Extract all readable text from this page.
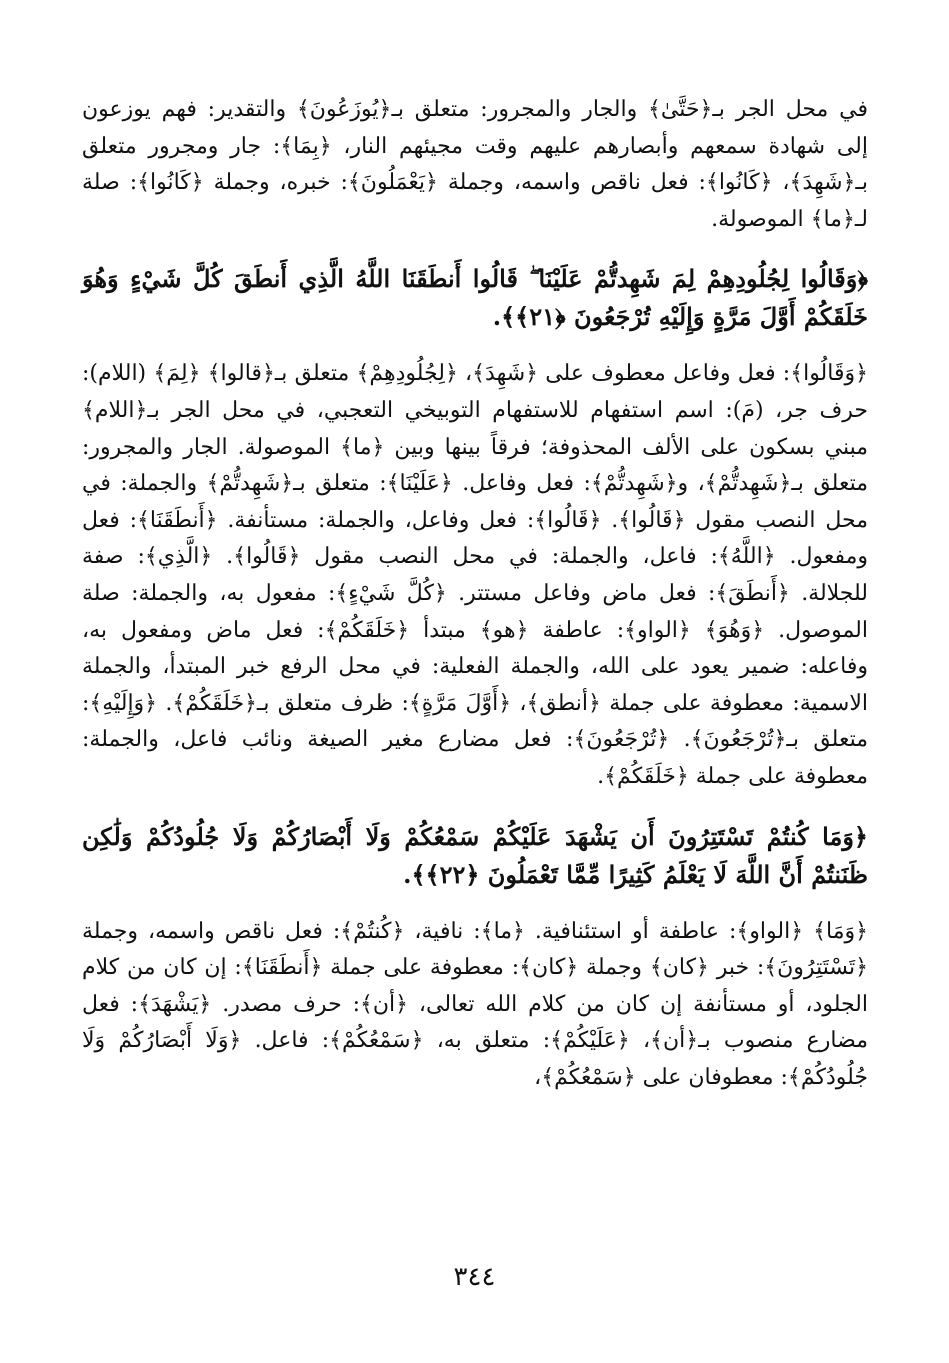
في محل الجر بـ﴿حَتَّىٰ﴾ والجار والمجرور: متعلق بـ﴿يُوزَعُونَ﴾ والتقدير: فهم يوزعون إلى شهادة سمعهم وأبصارهم عليهم وقت مجيئهم النار، ﴿بِمَا﴾: جار ومجرور متعلق بـ﴿شَهِدَ﴾، ﴿كَانُوا﴾: فعل ناقص واسمه، وجملة ﴿يَعْمَلُونَ﴾: خبره، وجملة ﴿كَانُوا﴾: صلة لـ﴿ما﴾ الموصولة.

﴿وَقَالُوا لِجُلُودِهِمْ لِمَ شَهِدتُّمْ عَلَيْنَا ۖ قَالُوا أَنطَقَنَا اللَّهُ الَّذِي أَنطَقَ كُلَّ شَيْءٍ وَهُوَ خَلَقَكُمْ أَوَّلَ مَرَّةٍ وَإِلَيْهِ تُرْجَعُونَ ﴿٢١﴾﴾.

﴿وَقَالُوا﴾: فعل وفاعل معطوف على ﴿شَهِدَ﴾، ﴿لِجُلُودِهِمْ﴾ متعلق بـ﴿قالوا﴾ ﴿لِمَ﴾ (اللام): حرف جر، (مَ): اسم استفهام للاستفهام التوبيخي التعجبي، في محل الجر بـ﴿اللام﴾ مبني بسكون على الألف المحذوفة؛ فرقاً بينها وبين ﴿ما﴾ الموصولة. الجار والمجرور: متعلق بـ﴿شَهِدتُّمْ﴾، و﴿شَهِدتُّمْ﴾: فعل وفاعل. ﴿عَلَيْنَا﴾: متعلق بـ﴿شَهِدتُّمْ﴾ والجملة: في محل النصب مقول ﴿قَالُوا﴾. ﴿قَالُوا﴾: فعل وفاعل، والجملة: مستأنفة. ﴿أَنطَقَنَا﴾: فعل ومفعول. ﴿اللَّهُ﴾: فاعل، والجملة: في محل النصب مقول ﴿قَالُوا﴾. ﴿الَّذِي﴾: صفة للجلالة. ﴿أَنطَقَ﴾: فعل ماض وفاعل مستتر. ﴿كُلَّ شَيْءٍ﴾: مفعول به، والجملة: صلة الموصول. ﴿وَهُوَ﴾ ﴿الواو﴾: عاطفة ﴿هو﴾ مبتدأ ﴿خَلَقَكُمْ﴾: فعل ماض ومفعول به، وفاعله: ضمير يعود على الله، والجملة الفعلية: في محل الرفع خبر المبتدأ، والجملة الاسمية: معطوفة على جملة ﴿أنطق﴾، ﴿أَوَّلَ مَرَّةٍ﴾: ظرف متعلق بـ﴿خَلَقَكُمْ﴾. ﴿وَإِلَيْهِ﴾: متعلق بـ﴿تُرْجَعُونَ﴾. ﴿تُرْجَعُونَ﴾: فعل مضارع مغير الصيغة ونائب فاعل، والجملة: معطوفة على جملة ﴿خَلَقَكُمْ﴾.

﴿وَمَا كُنتُمْ تَسْتَتِرُونَ أَن يَشْهَدَ عَلَيْكُمْ سَمْعُكُمْ وَلَا أَبْصَارُكُمْ وَلَا جُلُودُكُمْ وَلَٰكِن ظَنَنتُمْ أَنَّ اللَّهَ لَا يَعْلَمُ كَثِيرًا مِّمَّا تَعْمَلُونَ ﴿٢٢﴾﴾.

﴿وَمَا﴾ ﴿الواو﴾: عاطفة أو استئنافية. ﴿ما﴾: نافية، ﴿كُنتُمْ﴾: فعل ناقص واسمه، وجملة ﴿تَسْتَتِرُونَ﴾: خبر ﴿كان﴾ وجملة ﴿كان﴾: معطوفة على جملة ﴿أَنطَقَنَا﴾: إن كان من كلام الجلود، أو مستأنفة إن كان من كلام الله تعالى، ﴿أن﴾: حرف مصدر. ﴿يَشْهَدَ﴾: فعل مضارع منصوب بـ﴿أن﴾، ﴿عَلَيْكُمْ﴾: متعلق به، ﴿سَمْعُكُمْ﴾: فاعل. ﴿وَلَا أَبْصَارُكُمْ وَلَا جُلُودُكُمْ﴾: معطوفان على ﴿سَمْعُكُمْ﴾،

٣٤٤
